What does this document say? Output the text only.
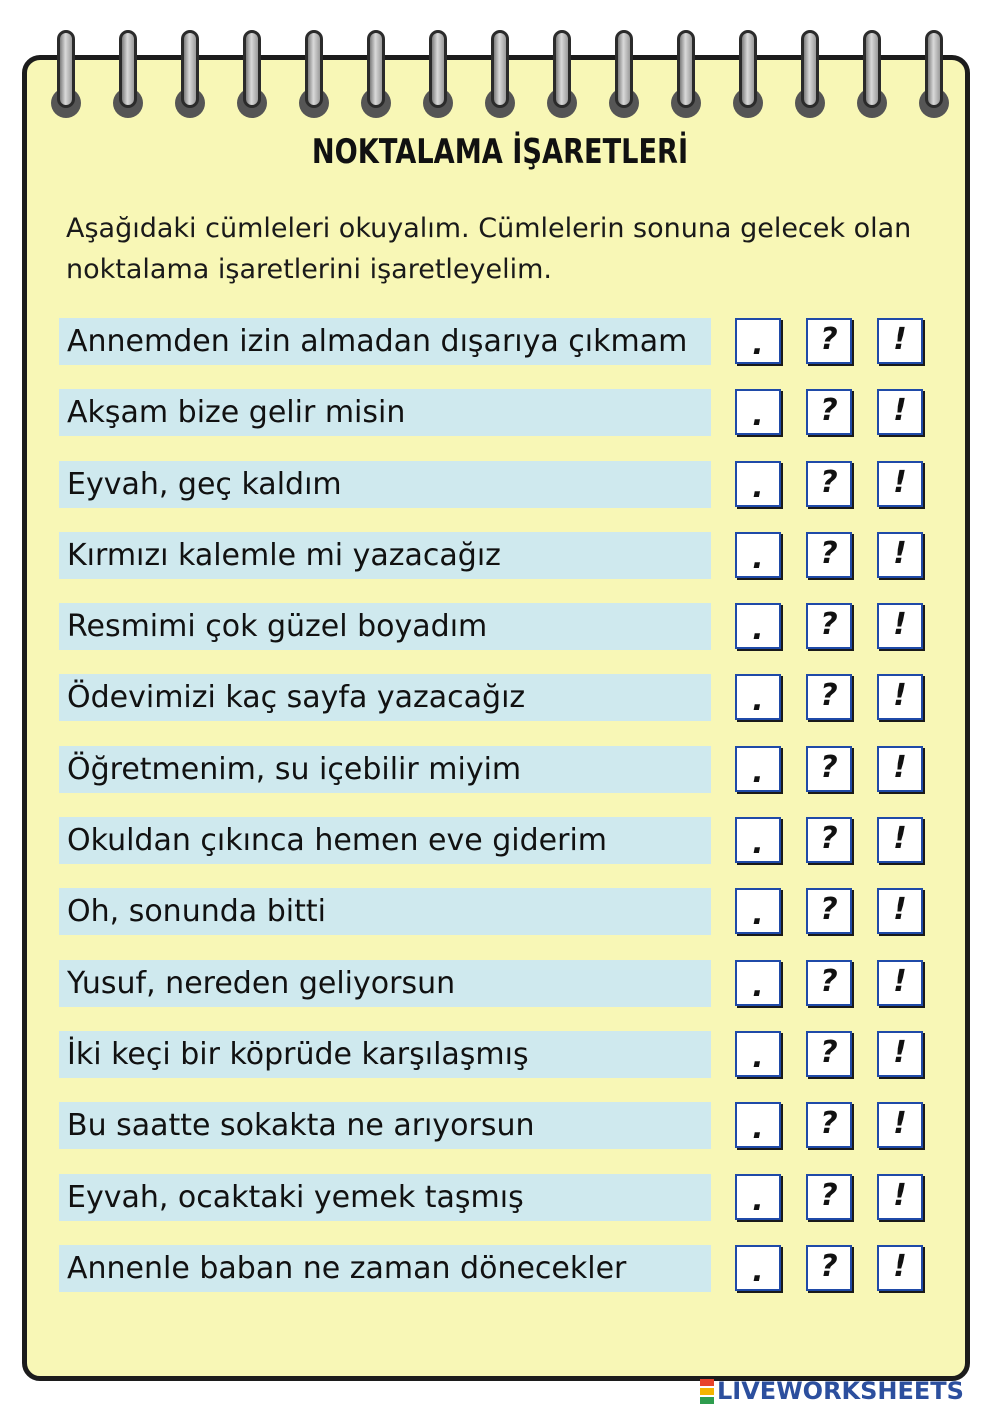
NOKTALAMA İŞARETLERİ
Aşağıdaki cümleleri okuyalım. Cümlelerin sonuna gelecek olan noktalama işaretlerini işaretleyelim.
Annemden izin almadan dışarıya çıkmam	.	?	!
Akşam bize gelir misin	.	?	!
Eyvah, geç kaldım	.	?	!
Kırmızı kalemle mi yazacağız	.	?	!
Resmimi çok güzel boyadım	.	?	!
Ödevimizi kaç sayfa yazacağız	.	?	!
Öğretmenim, su içebilir miyim	.	?	!
Okuldan çıkınca hemen eve giderim	.	?	!
Oh, sonunda bitti	.	?	!
Yusuf, nereden geliyorsun	.	?	!
İki keçi bir köprüde karşılaşmış	.	?	!
Bu saatte sokakta ne arıyorsun	.	?	!
Eyvah, ocaktaki yemek taşmış	.	?	!
Annenle baban ne zaman dönecekler	.	?	!
LIVEWORKSHEETS
